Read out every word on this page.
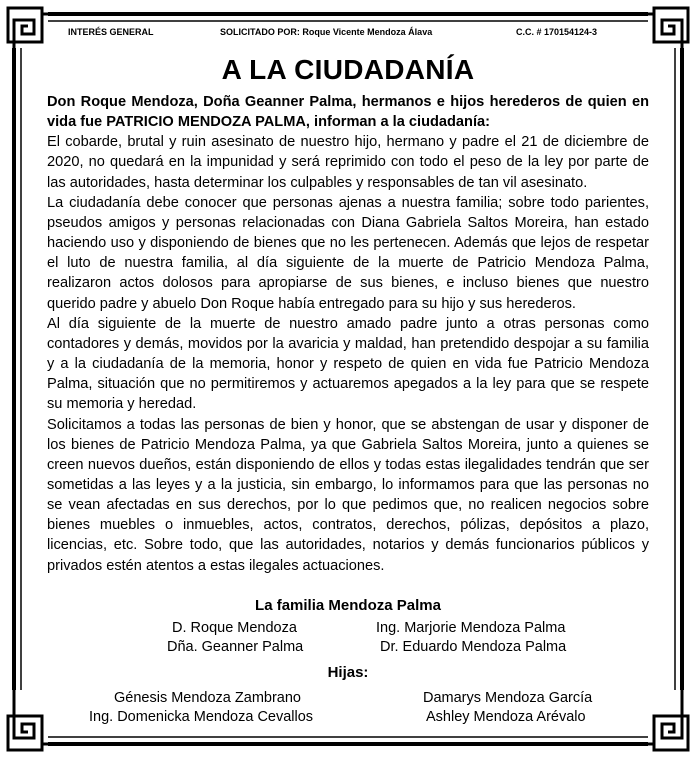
INTERÉS GENERAL	SOLICITADO POR: Roque Vicente Mendoza Álava	C.C. # 170154124-3
A LA CIUDADANÍA

Don Roque Mendoza, Doña Geanner Palma, hermanos e hijos herederos de quien en vida fue PATRICIO MENDOZA PALMA, informan a la ciudadanía:

El cobarde, brutal y ruin asesinato de nuestro hijo, hermano y padre el 21 de diciembre de 2020, no quedará en la impunidad y será reprimido con todo el peso de la ley por parte de las autoridades, hasta determinar los culpables y responsables de tan vil asesinato.

La ciudadanía debe conocer que personas ajenas a nuestra familia; sobre todo parientes, pseudos amigos y personas relacionadas con Diana Gabriela Saltos Moreira, han estado haciendo uso y disponiendo de bienes que no les pertenecen. Además que lejos de respetar el luto de nuestra familia, al día siguiente de la muerte de Patricio Mendoza Palma, realizaron actos dolosos para apropiarse de sus bienes, e incluso bienes que nuestro querido padre y abuelo Don Roque había entregado para su hijo y sus herederos.

Al día siguiente de la muerte de nuestro amado padre junto a otras personas como contadores y demás, movidos por la avaricia y maldad, han pretendido despojar a su familia y a la ciudadanía de la memoria, honor y respeto de quien en vida fue Patricio Mendoza Palma, situación que no permitiremos y actuaremos apegados a la ley para que se respete su memoria y heredad.

Solicitamos a todas las personas de bien y honor, que se abstengan de usar y disponer de los bienes de Patricio Mendoza Palma, ya que Gabriela Saltos Moreira, junto a quienes se creen nuevos dueños, están disponiendo de ellos y todas estas ilegalidades tendrán que ser sometidas a las leyes y a la justicia, sin embargo, lo informamos para que las personas no se vean afectadas en sus derechos, por lo que pedimos que, no realicen negocios sobre bienes muebles o inmuebles, actos, contratos, derechos, pólizas, depósitos a plazo, licencias, etc. Sobre todo, que las autoridades, notarios y demás funcionarios públicos y privados estén atentos a estas ilegales actuaciones.

La familia Mendoza Palma
D. Roque Mendoza	Ing. Marjorie Mendoza Palma
Dña. Geanner Palma	Dr. Eduardo Mendoza Palma
Hijas:
Génesis Mendoza Zambrano	Damarys Mendoza García
Ing. Domenicka Mendoza Cevallos	Ashley Mendoza Arévalo
